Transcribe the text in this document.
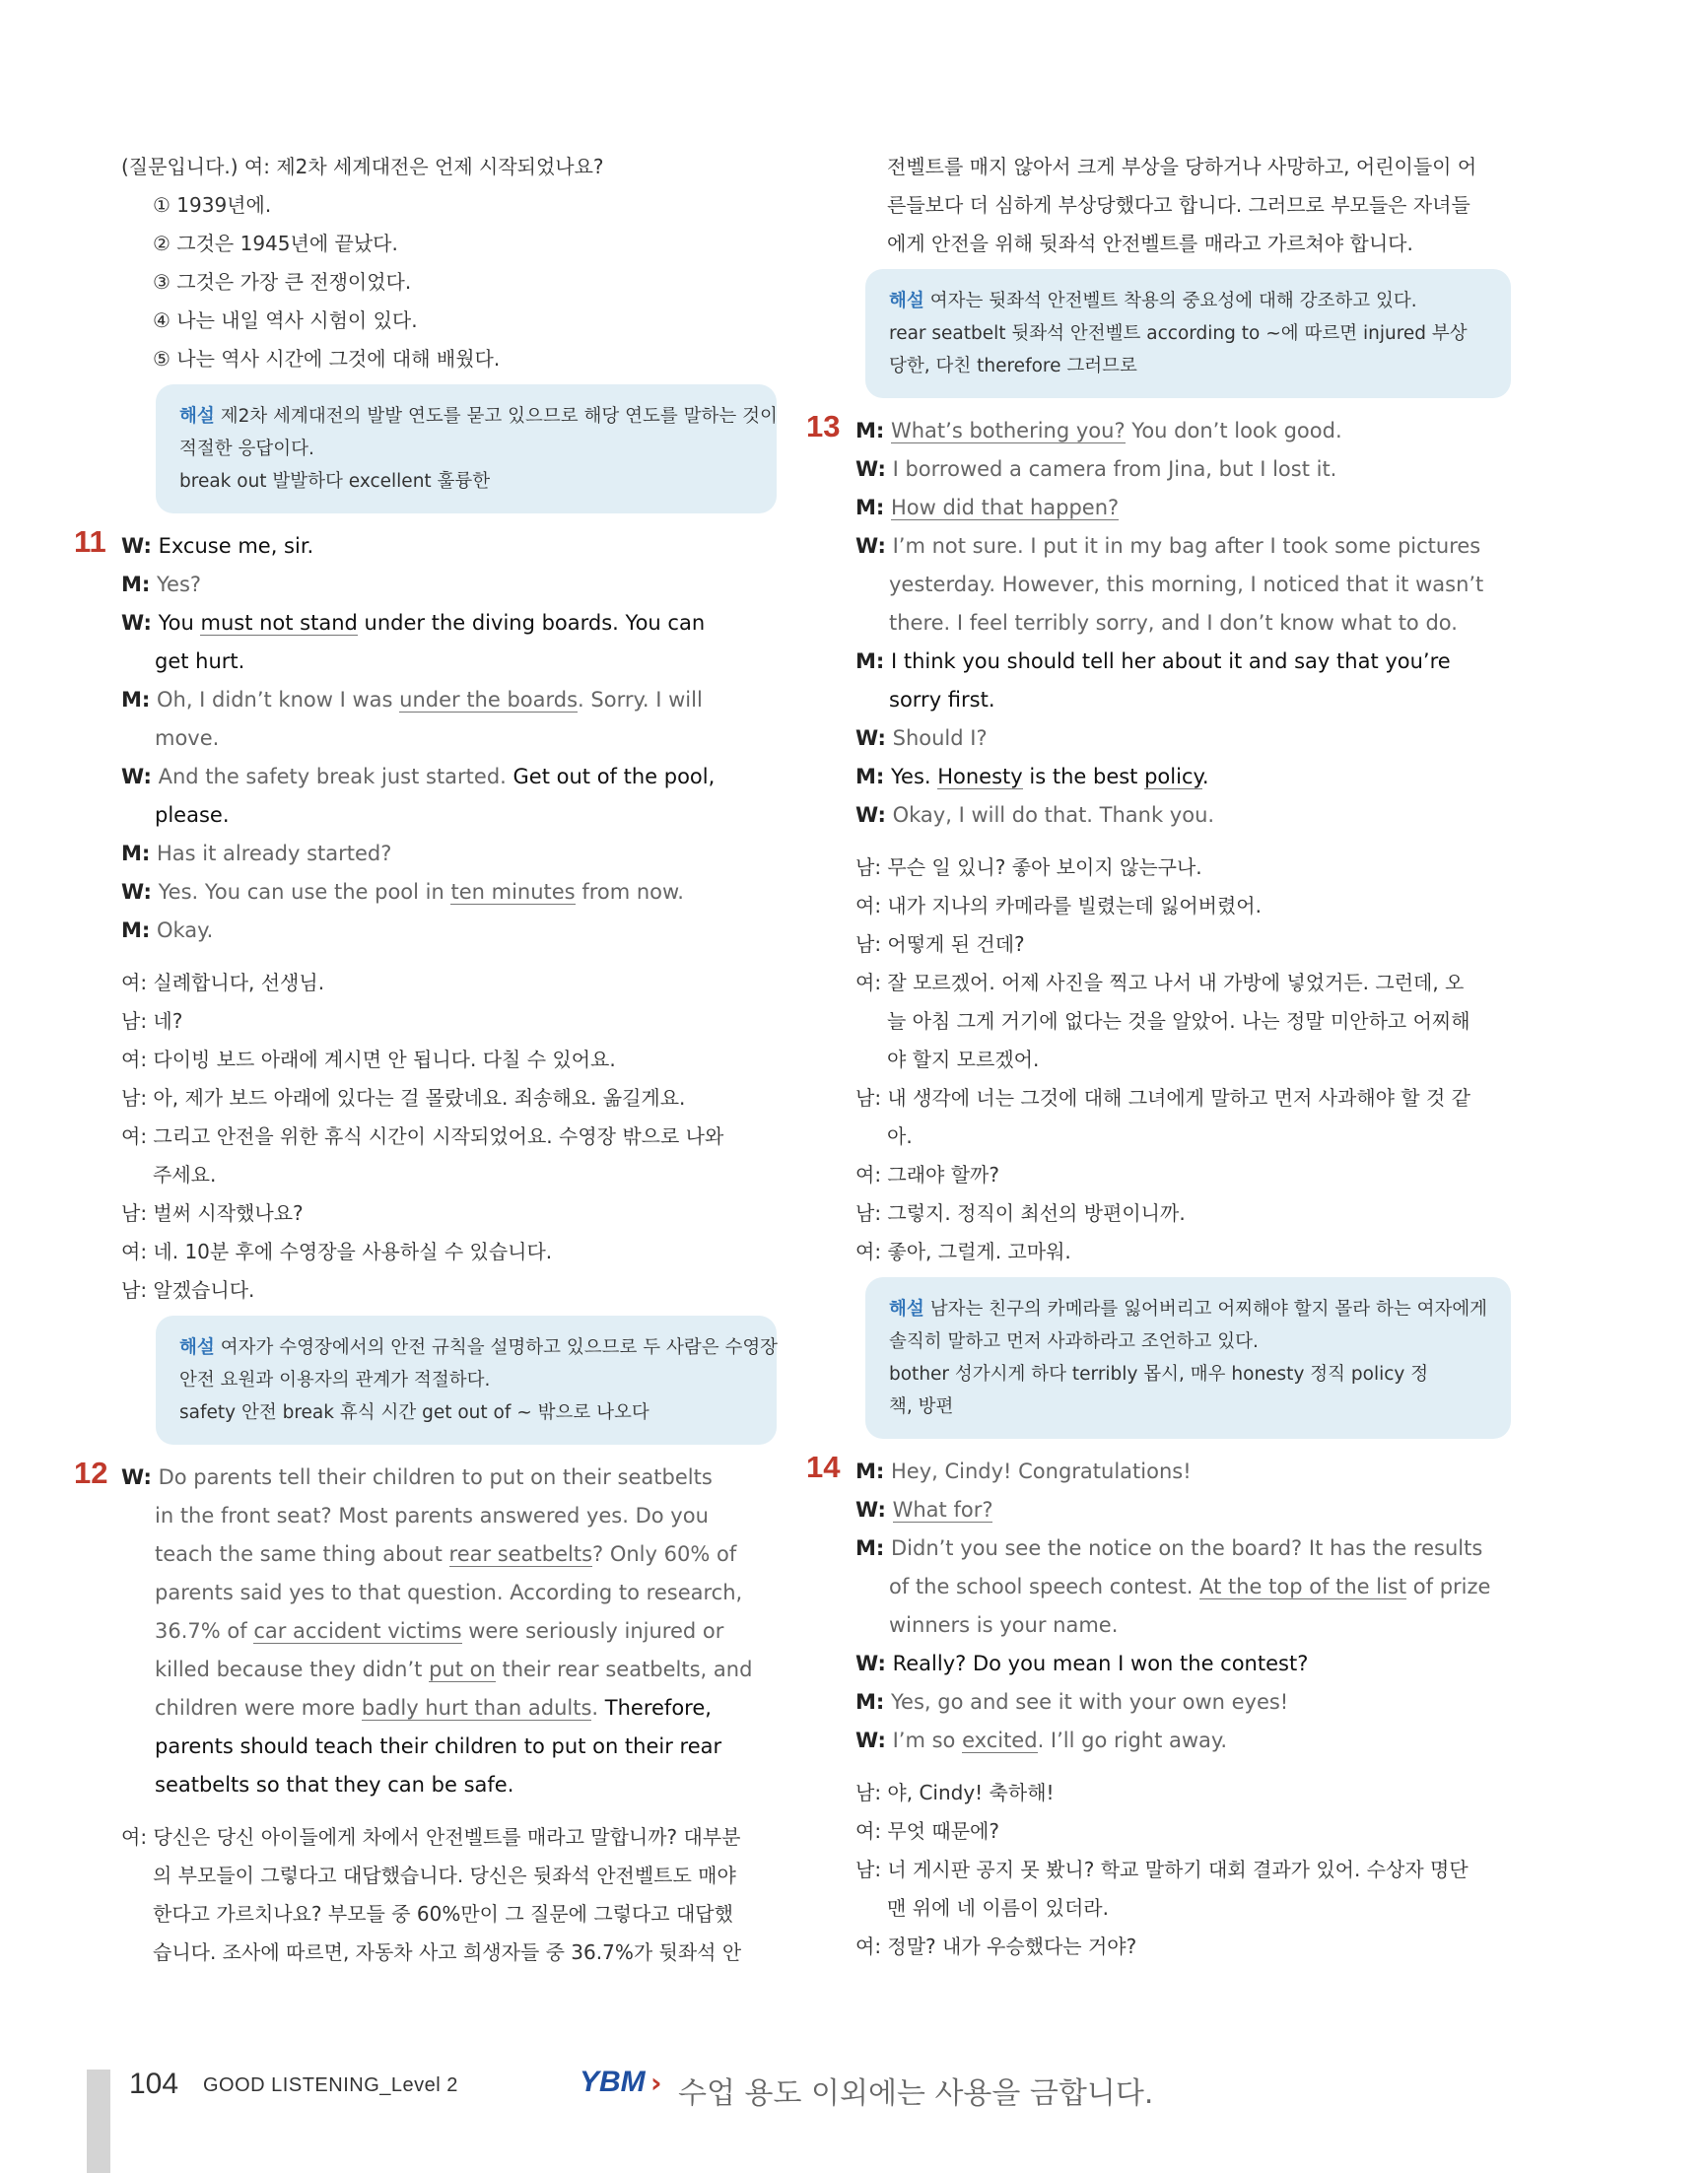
(질문입니다.) 여: 제2차 세계대전은 언제 시작되었나요?
① 1939년에.
② 그것은 1945년에 끝났다.
③ 그것은 가장 큰 전쟁이었다.
④ 나는 내일 역사 시험이 있다.
⑤ 나는 역사 시간에 그것에 대해 배웠다.
해설 제2차 세계대전의 발발 연도를 묻고 있으므로 해당 연도를 말하는 것이
적절한 응답이다.
break out 발발하다 excellent 훌륭한
11 W: Excuse me, sir.
M: Yes?
W: You must not stand under the diving boards. You can
get hurt.
M: Oh, I didn’t know I was under the boards. Sorry. I will
move.
W: And the safety break just started. Get out of the pool,
please.
M: Has it already started?
W: Yes. You can use the pool in ten minutes from now.
M: Okay.
여: 실례합니다, 선생님.
남: 네?
여: 다이빙 보드 아래에 계시면 안 됩니다. 다칠 수 있어요.
남: 아, 제가 보드 아래에 있다는 걸 몰랐네요. 죄송해요. 옮길게요.
여: 그리고 안전을 위한 휴식 시간이 시작되었어요. 수영장 밖으로 나와
주세요.
남: 벌써 시작했나요?
여: 네. 10분 후에 수영장을 사용하실 수 있습니다.
남: 알겠습니다.
해설 여자가 수영장에서의 안전 규칙을 설명하고 있으므로 두 사람은 수영장
안전 요원과 이용자의 관계가 적절하다.
safety 안전 break 휴식 시간 get out of ~ 밖으로 나오다
12 W: Do parents tell their children to put on their seatbelts
in the front seat? Most parents answered yes. Do you
teach the same thing about rear seatbelts? Only 60% of
parents said yes to that question. According to research,
36.7% of car accident victims were seriously injured or
killed because they didn’t put on their rear seatbelts, and
children were more badly hurt than adults. Therefore,
parents should teach their children to put on their rear
seatbelts so that they can be safe.
여: 당신은 당신 아이들에게 차에서 안전벨트를 매라고 말합니까? 대부분
의 부모들이 그렇다고 대답했습니다. 당신은 뒷좌석 안전벨트도 매야
한다고 가르치나요? 부모들 중 60%만이 그 질문에 그렇다고 대답했
습니다. 조사에 따르면, 자동차 사고 희생자들 중 36.7%가 뒷좌석 안
전벨트를 매지 않아서 크게 부상을 당하거나 사망하고, 어린이들이 어
른들보다 더 심하게 부상당했다고 합니다. 그러므로 부모들은 자녀들
에게 안전을 위해 뒷좌석 안전벨트를 매라고 가르쳐야 합니다.
해설 여자는 뒷좌석 안전벨트 착용의 중요성에 대해 강조하고 있다.
rear seatbelt 뒷좌석 안전벨트 according to ~에 따르면 injured 부상
당한, 다친 therefore 그러므로
13 M: What’s bothering you? You don’t look good.
W: I borrowed a camera from Jina, but I lost it.
M: How did that happen?
W: I’m not sure. I put it in my bag after I took some pictures
yesterday. However, this morning, I noticed that it wasn’t
there. I feel terribly sorry, and I don’t know what to do.
M: I think you should tell her about it and say that you’re
sorry first.
W: Should I?
M: Yes. Honesty is the best policy.
W: Okay, I will do that. Thank you.
남: 무슨 일 있니? 좋아 보이지 않는구나.
여: 내가 지나의 카메라를 빌렸는데 잃어버렸어.
남: 어떻게 된 건데?
여: 잘 모르겠어. 어제 사진을 찍고 나서 내 가방에 넣었거든. 그런데, 오
늘 아침 그게 거기에 없다는 것을 알았어. 나는 정말 미안하고 어찌해
야 할지 모르겠어.
남: 내 생각에 너는 그것에 대해 그녀에게 말하고 먼저 사과해야 할 것 같
아.
여: 그래야 할까?
남: 그렇지. 정직이 최선의 방편이니까.
여: 좋아, 그럴게. 고마워.
해설 남자는 친구의 카메라를 잃어버리고 어찌해야 할지 몰라 하는 여자에게
솔직히 말하고 먼저 사과하라고 조언하고 있다.
bother 성가시게 하다 terribly 몹시, 매우 honesty 정직 policy 정
책, 방편
14 M: Hey, Cindy! Congratulations!
W: What for?
M: Didn’t you see the notice on the board? It has the results
of the school speech contest. At the top of the list of prize
winners is your name.
W: Really? Do you mean I won the contest?
M: Yes, go and see it with your own eyes!
W: I’m so excited. I’ll go right away.
남: 야, Cindy! 축하해!
여: 무엇 때문에?
남: 너 게시판 공지 못 봤니? 학교 말하기 대회 결과가 있어. 수상자 명단
맨 위에 네 이름이 있더라.
여: 정말? 내가 우승했다는 거야?
104 GOOD LISTENING_Level 2	YBM › 수업 용도 이외에는 사용을 금합니다.
